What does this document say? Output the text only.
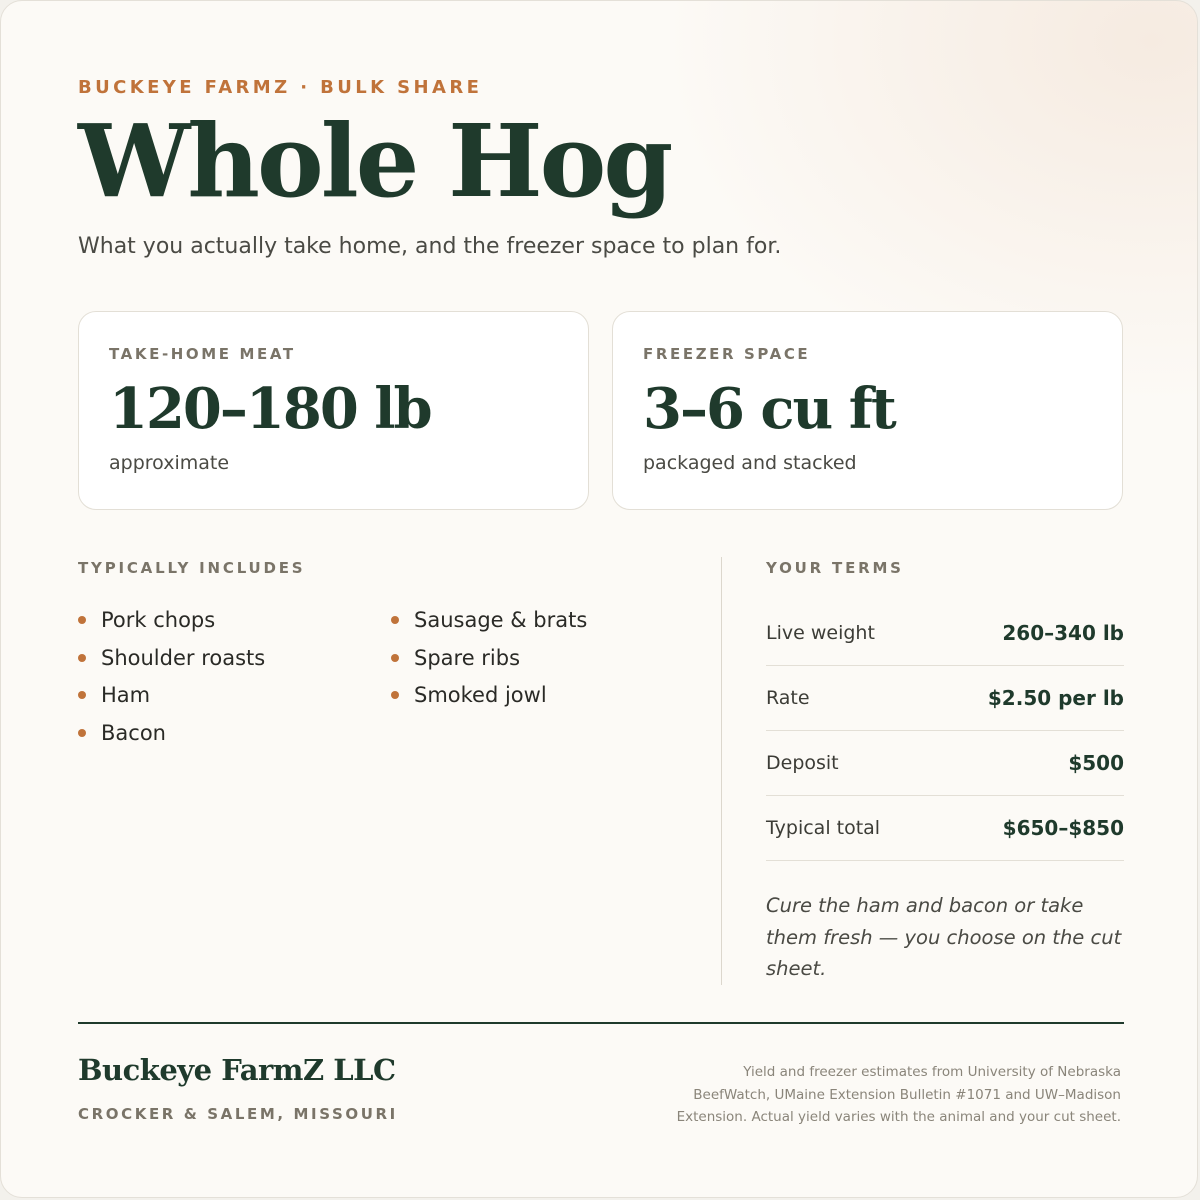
BUCKEYE FARMZ · BULK SHARE
Whole Hog
What you actually take home, and the freezer space to plan for.
TAKE-HOME MEAT
120–180 lb
approximate
FREEZER SPACE
3–6 cu ft
packaged and stacked
TYPICALLY INCLUDES
Pork chops
Shoulder roasts
Ham
Bacon
Sausage & brats
Spare ribs
Smoked jowl
YOUR TERMS
Live weight	260–340 lb
Rate	$2.50 per lb
Deposit	$500
Typical total	$650–$850
Cure the ham and bacon or take them fresh — you choose on the cut sheet.
Buckeye FarmZ LLC
CROCKER & SALEM, MISSOURI
Yield and freezer estimates from University of Nebraska
BeefWatch, UMaine Extension Bulletin #1071 and UW–Madison
Extension. Actual yield varies with the animal and your cut sheet.
